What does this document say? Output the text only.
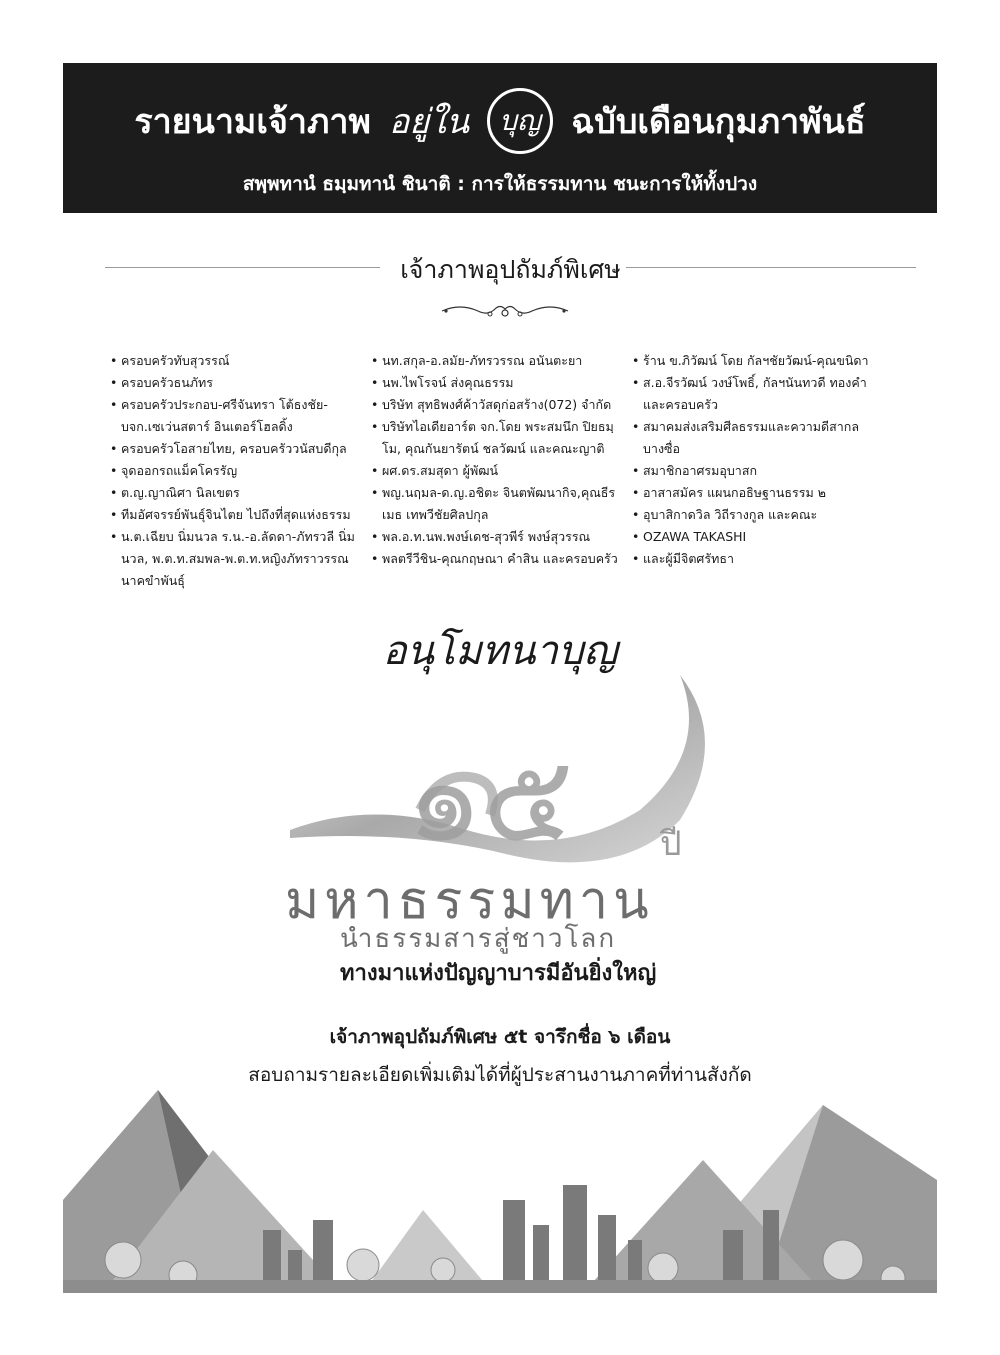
รายนามเจ้าภาพ อยู่ใน บุญ ฉบับเดือนกุมภาพันธ์
สพฺพทานํ ธมฺมทานํ ชินาติ : การให้ธรรมทาน ชนะการให้ทั้งปวง
เจ้าภาพอุปถัมภ์พิเศษ
• ครอบครัวทับสุวรรณ์
• ครอบครัวธนภัทร
• ครอบครัวประกอบ-ศรีจันทรา โต้ธงชัย-บจก.เซเว่นสตาร์ อินเตอร์โฮลดิ้ง
• ครอบครัวโอสายไทย, ครอบครัววนัสบดีกุล
• จุดออกรถแม็คโครรัญ
• ต.ญ.ญาณิศา นิลเขตร
• ทีมอัศจรรย์พันธุ์จินไตย ไปถึงที่สุดแห่งธรรม
• น.ต.เฉียบ นิ่มนวล ร.น.-อ.ลัดดา-ภัทรวลี นิ่มนวล, พ.ต.ท.สมพล-พ.ต.ท.หญิงภัทราวรรณ นาคขำพันธุ์
• นท.สกุล-อ.ลมัย-ภัทรวรรณ อนันตะยา
• นพ.ไพโรจน์ ส่งคุณธรรม
• บริษัท สุทธิพงศ์ค้าวัสดุก่อสร้าง(072) จำกัด
• บริษัทไอเดียอาร์ต จก.โดย พระสมนึก ปิยธมฺโม, คุณกันยารัตน์ ชลวัฒน์ และคณะญาติ
• ผศ.ดร.สมสุดา ผู้พัฒน์
• พญ.นฤมล-ด.ญ.อชิตะ จินตพัฒนากิจ,คุณธีรเมธ เทพวีชัยศิลปกุล
• พล.อ.ท.นพ.พงษ์เดช-สุวพีร์ พงษ์สุวรรณ
• พลตรีวีชิน-คุณกฤษณา คำสิน และครอบครัว
• ร้าน ข.ภิวัฒน์ โดย กัลฯชัยวัฒน์-คุณขนิดา
• ส.อ.จีรวัฒน์ วงษ์โพธิ์, กัลฯนันทวดี ทองคำ และครอบครัว
• สมาคมส่งเสริมศีลธรรมและความดีสากล บางซื่อ
• สมาชิกอาศรมอุบาสก
• อาสาสมัคร แผนกอธิษฐานธรรม ๒
• อุบาสิกาดวิล วิถีรางกูล และคณะ
• OZAWA TAKASHI
• และผู้มีจิตศรัทธา
อนุโมทนาบุญ
๑๕	ปี
มหาธรรมทาน
นำธรรมสารสู่ชาวโลก
ทางมาแห่งปัญญาบารมีอันยิ่งใหญ่
เจ้าภาพอุปถัมภ์พิเศษ ๕t จารึกชื่อ ๖ เดือน
สอบถามรายละเอียดเพิ่มเติมได้ที่ผู้ประสานงานภาคที่ท่านสังกัด
